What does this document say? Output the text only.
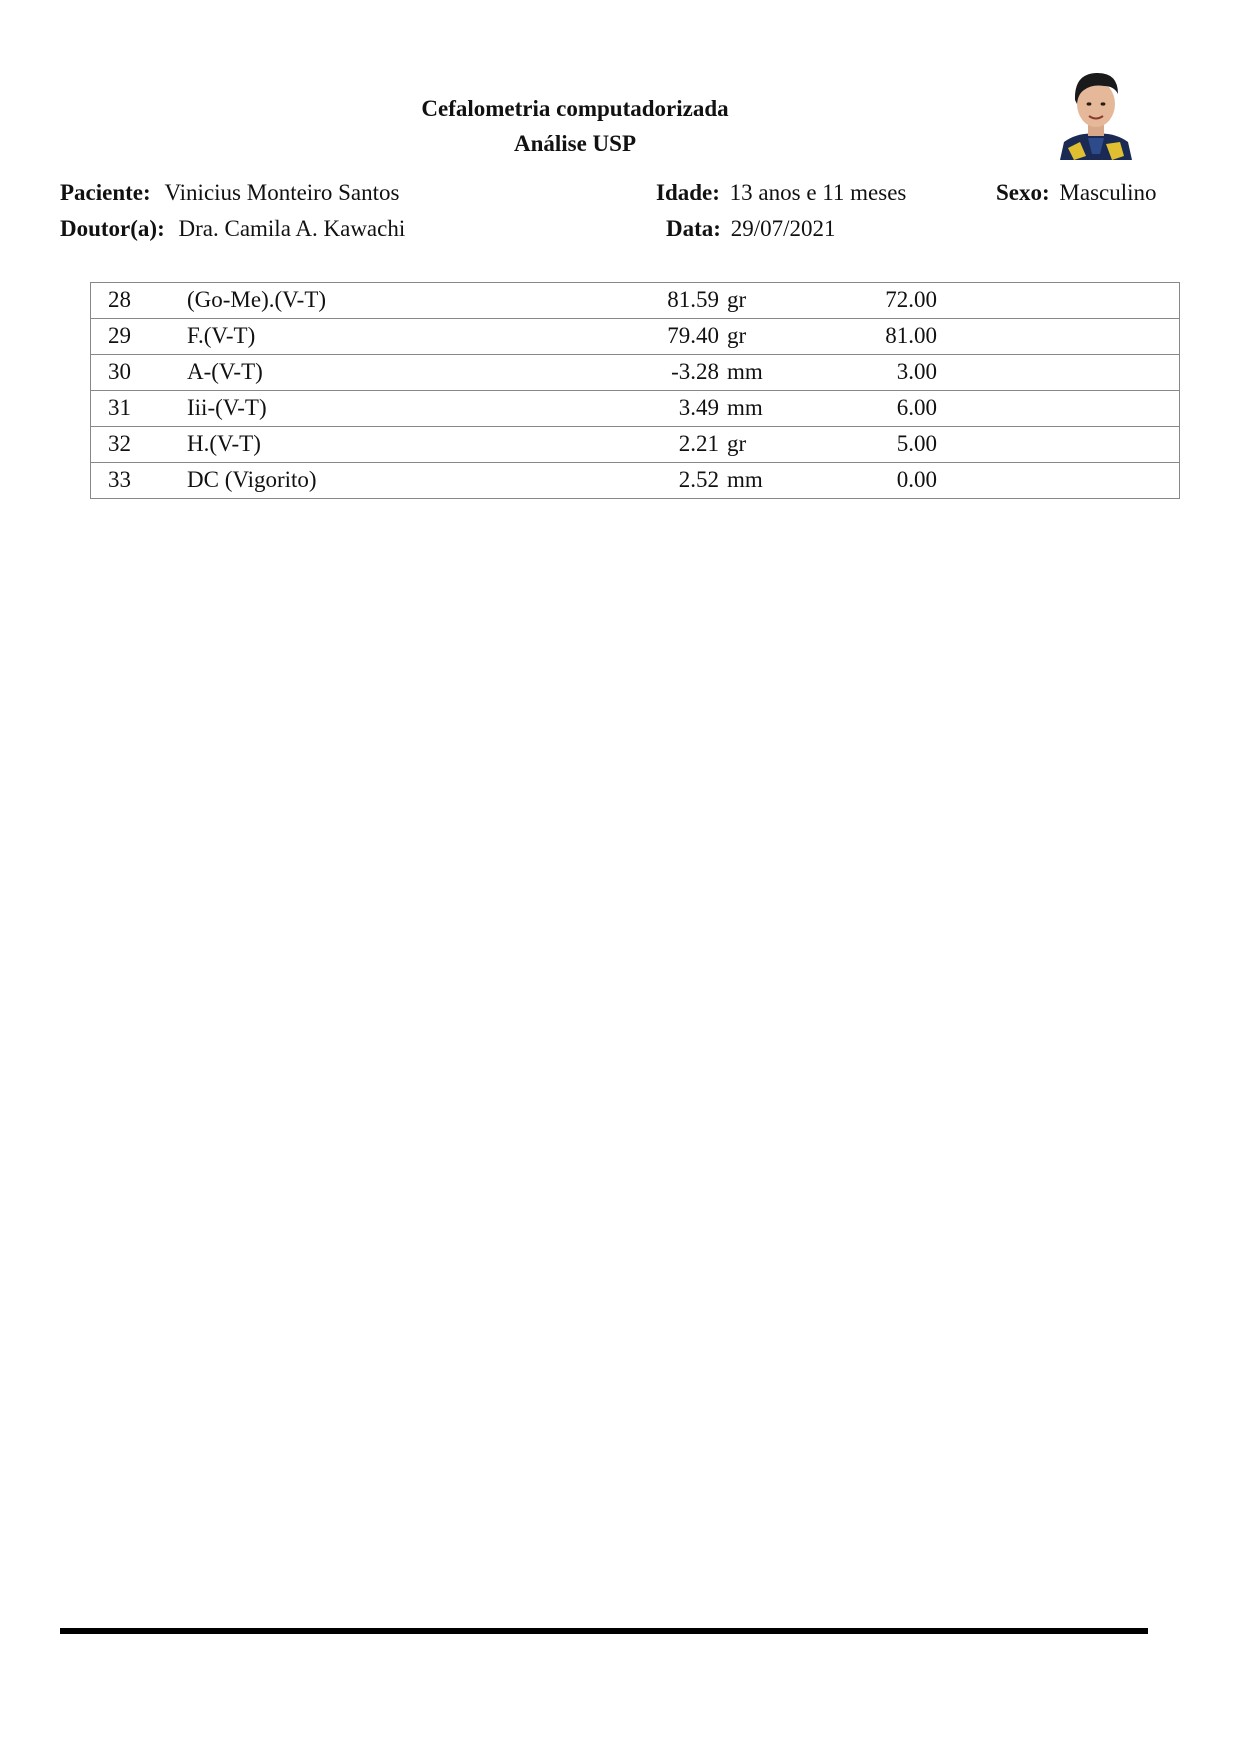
Cefalometria computadorizada
Análise USP
Paciente: Vinicius Monteiro Santos	Idade: 13 anos e 11 meses	Sexo: Masculino
Doutor(a): Dra. Camila A. Kawachi	Data: 29/07/2021
28 (Go-Me).(V-T)	81.59 gr	72.00
29 F.(V-T)	79.40 gr	81.00
30 A-(V-T)	-3.28 mm	3.00
31 Iii-(V-T)	3.49 mm	6.00
32 H.(V-T)	2.21 gr	5.00
33 DC (Vigorito)	2.52 mm	0.00
